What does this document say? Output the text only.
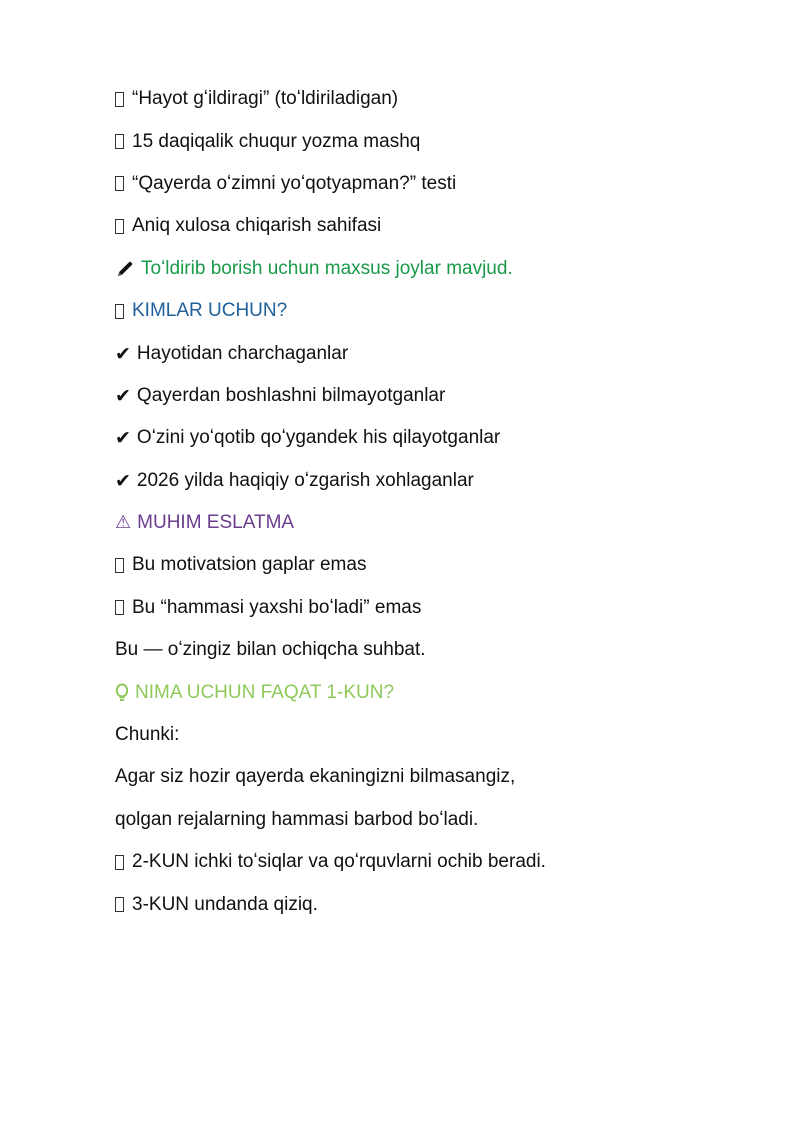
“Hayot gʻildiragi” (toʻldiriladigan)
15 daqiqalik chuqur yozma mashq
“Qayerda oʻzimni yoʻqotyapman?” testi
Aniq xulosa chiqarish sahifasi
Toʻldirib borish uchun maxsus joylar mavjud.
KIMLAR UCHUN?
✔ Hayotidan charchaganlar
✔ Qayerdan boshlashni bilmayotganlar
✔ Oʻzini yoʻqotib qoʻygandek his qilayotganlar
✔ 2026 yilda haqiqiy oʻzgarish xohlaganlar
⚠ MUHIM ESLATMA
Bu motivatsion gaplar emas
Bu “hammasi yaxshi boʻladi” emas
Bu — oʻzingiz bilan ochiqcha suhbat.
NIMA UCHUN FAQAT 1-KUN?
Chunki:
Agar siz hozir qayerda ekaningizni bilmasangiz,
qolgan rejalarning hammasi barbod boʻladi.
2-KUN ichki toʻsiqlar va qoʻrquvlarni ochib beradi.
3-KUN undanda qiziq.
